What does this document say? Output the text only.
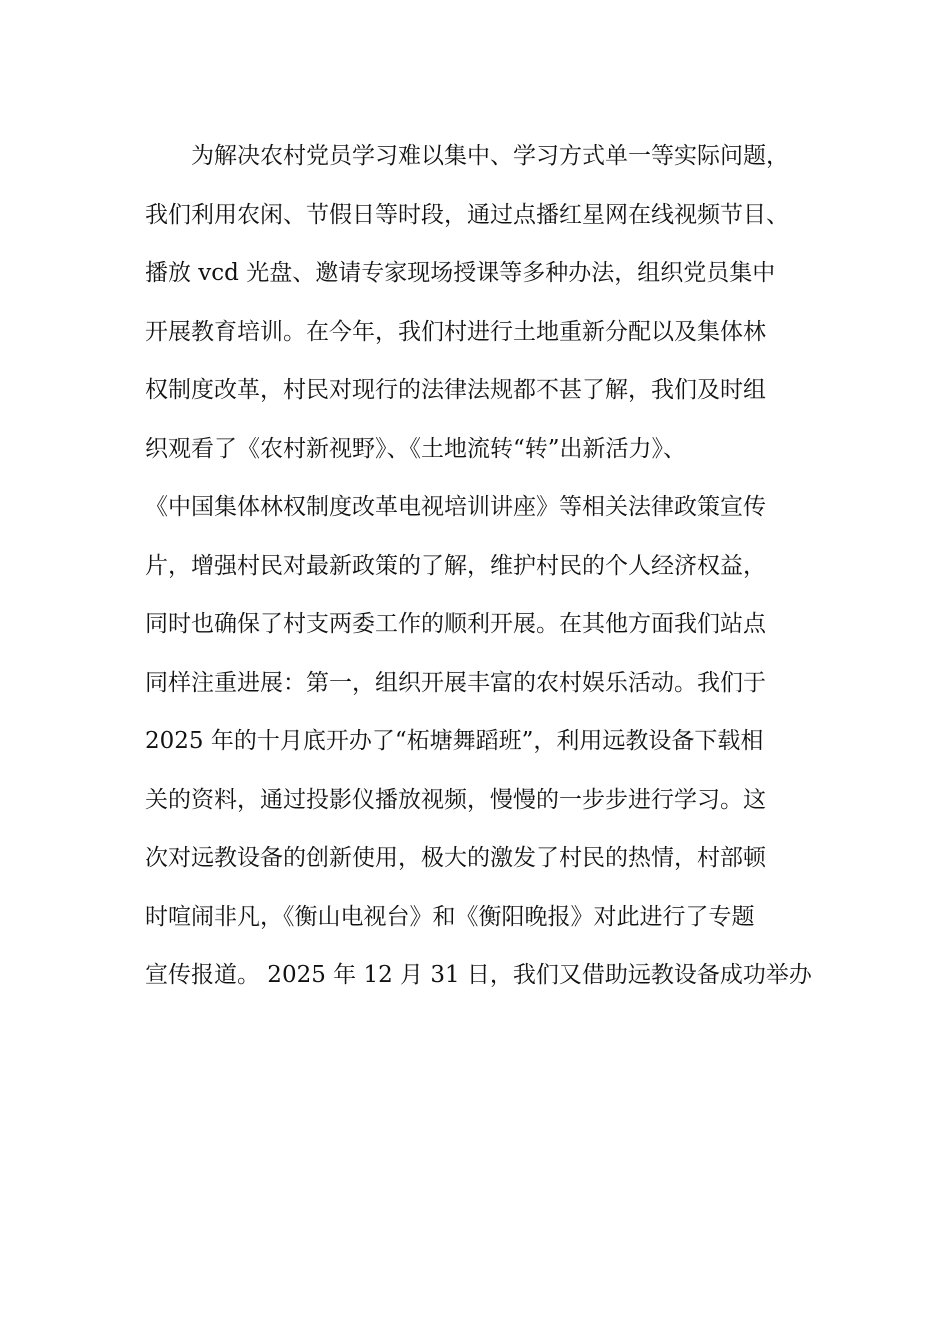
为解决农村党员学习难以集中、学习方式单一等实际问题，
我们利用农闲、节假日等时段，通过点播红星网在线视频节目、
播放 vcd 光盘、邀请专家现场授课等多种办法，组织党员集中
开展教育培训。在今年，我们村进行土地重新分配以及集体林
权制度改革，村民对现行的法律法规都不甚了解，我们及时组
织观看了《农村新视野》、《土地流转“转”出新活力》、
《中国集体林权制度改革电视培训讲座》等相关法律政策宣传
片，增强村民对最新政策的了解，维护村民的个人经济权益，
同时也确保了村支两委工作的顺利开展。在其他方面我们站点
同样注重进展：第一，组织开展丰富的农村娱乐活动。我们于
2025 年的十月底开办了“柘塘舞蹈班”，利用远教设备下载相
关的资料，通过投影仪播放视频，慢慢的一步步进行学习。这
次对远教设备的创新使用，极大的激发了村民的热情，村部顿
时喧闹非凡，《衡山电视台》和《衡阳晚报》对此进行了专题
宣传报道。 2025 年 12 月 31 日，我们又借助远教设备成功举办
